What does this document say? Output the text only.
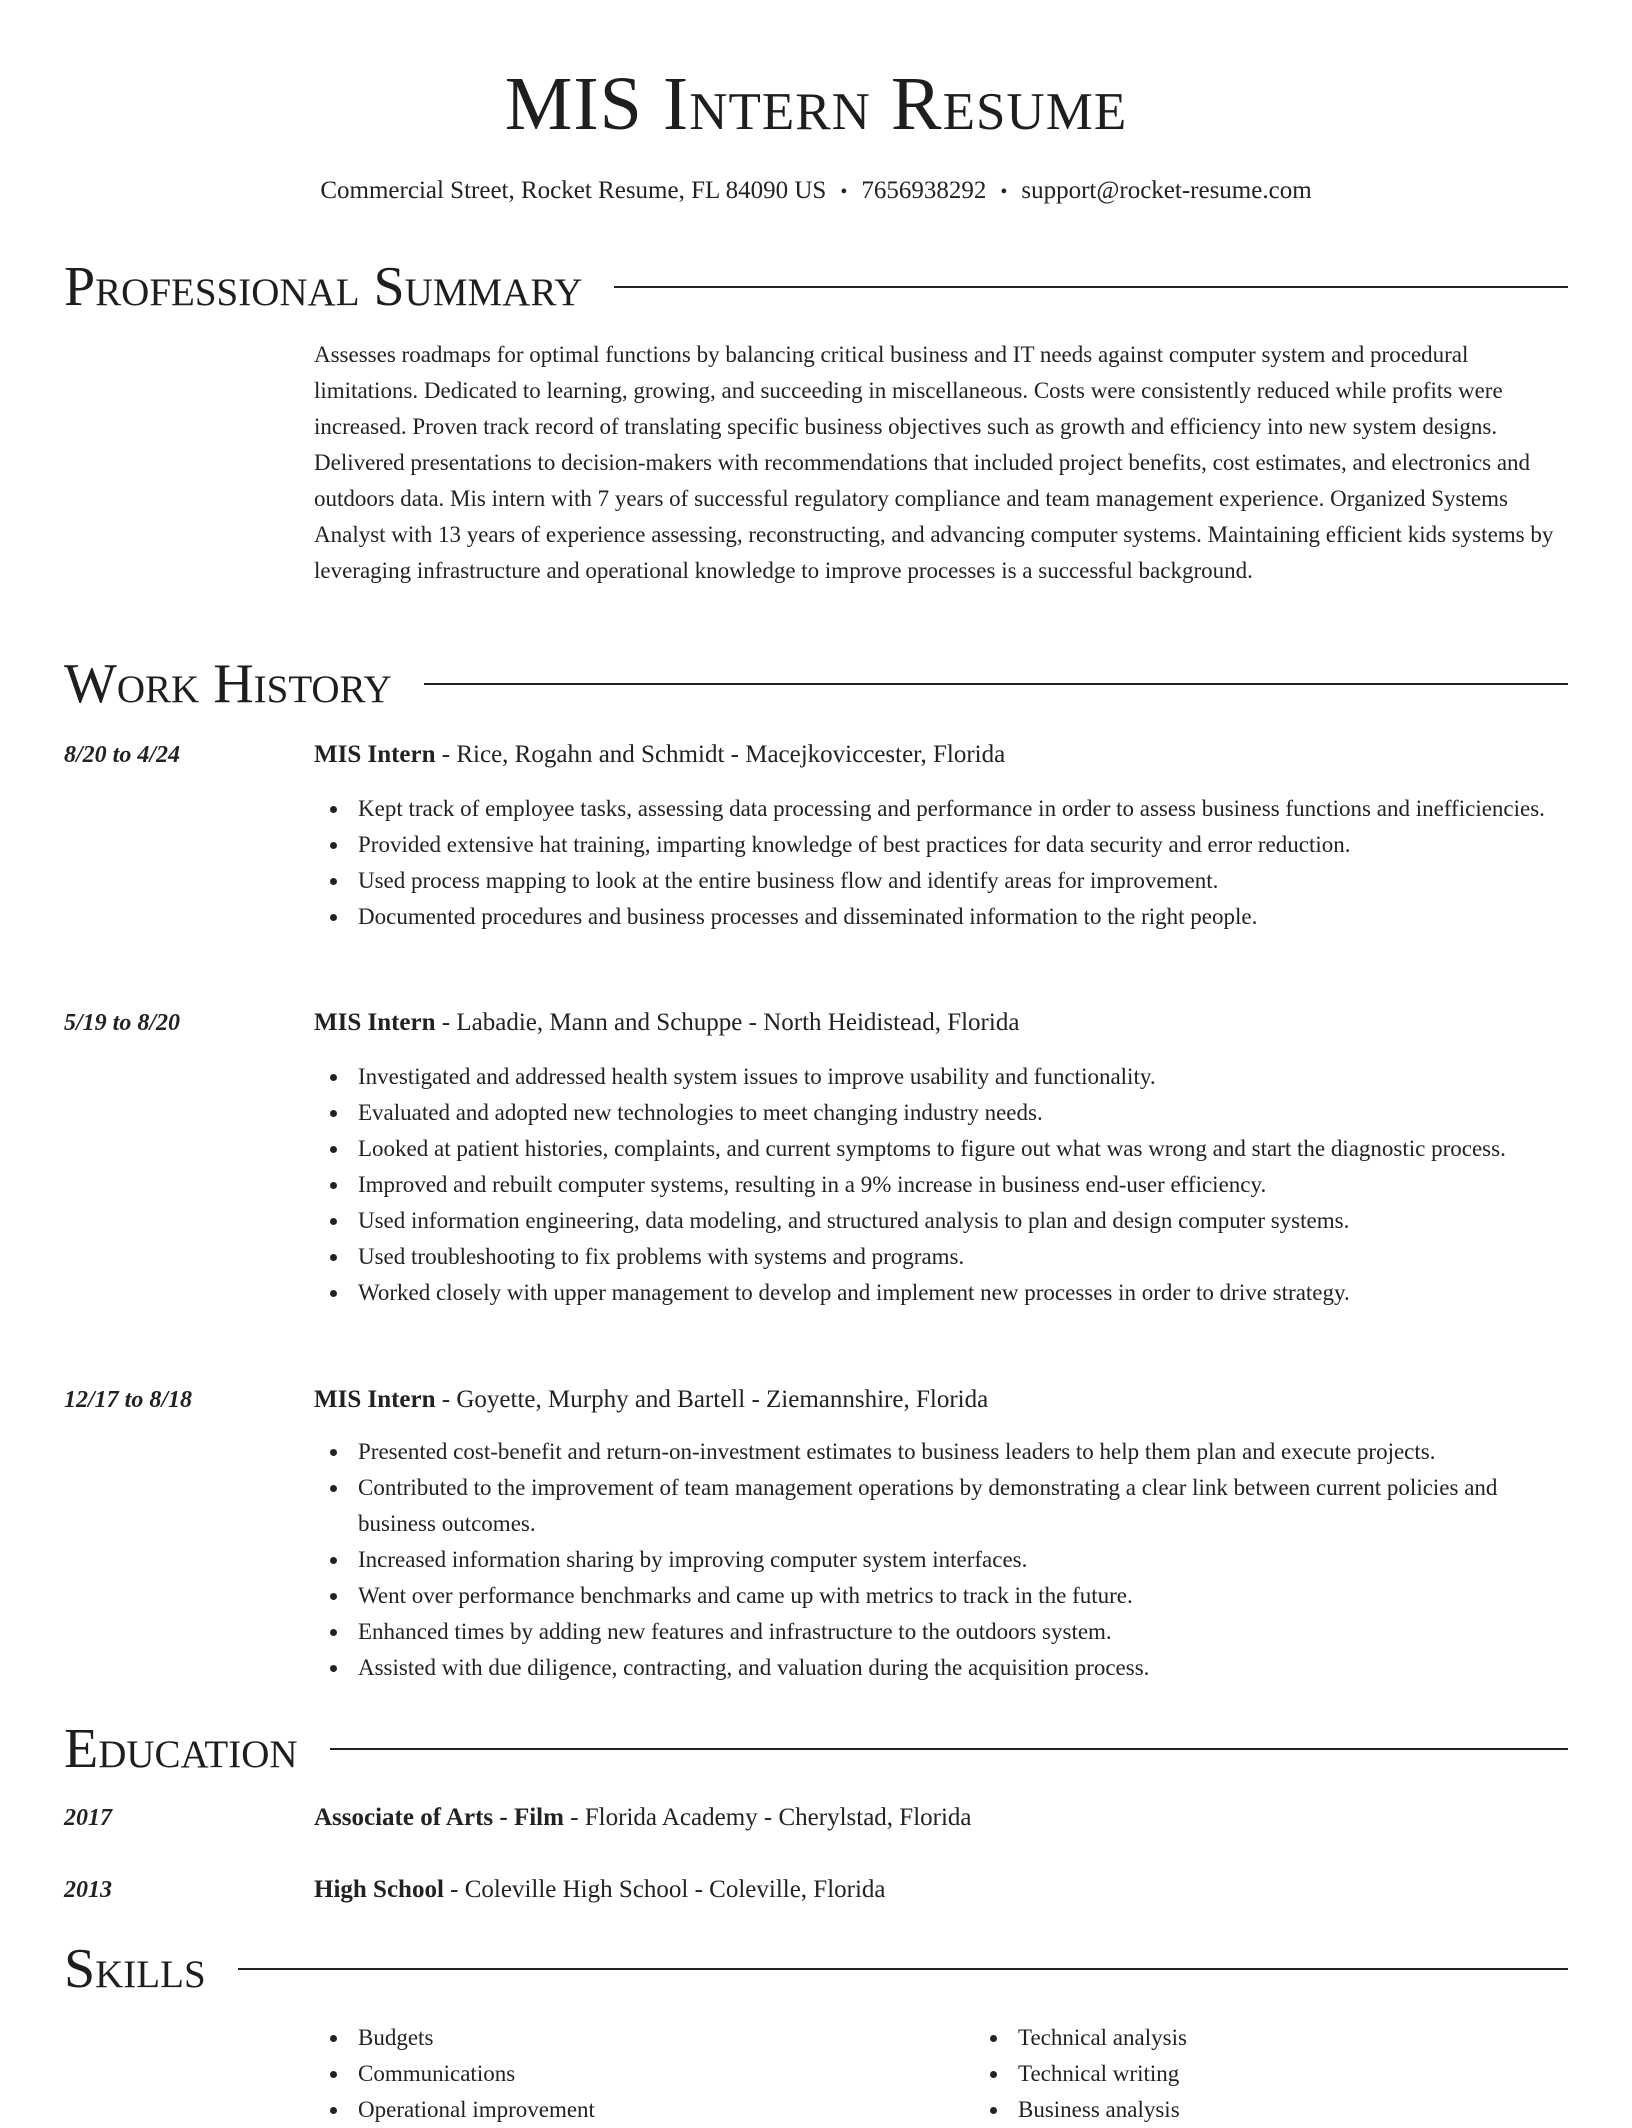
MIS Intern Resume
Commercial Street, Rocket Resume, FL 84090 US • 7656938292 • support@rocket-resume.com
Professional Summary

Assesses roadmaps for optimal functions by balancing critical business and IT needs against computer system and procedural limitations. Dedicated to learning, growing, and succeeding in miscellaneous. Costs were consistently reduced while profits were increased. Proven track record of translating specific business objectives such as growth and efficiency into new system designs. Delivered presentations to decision-makers with recommendations that included project benefits, cost estimates, and electronics and outdoors data. Mis intern with 7 years of successful regulatory compliance and team management experience. Organized Systems Analyst with 13 years of experience assessing, reconstructing, and advancing computer systems. Maintaining efficient kids systems by leveraging infrastructure and operational knowledge to improve processes is a successful background.

Work History
8/20 to 4/24	MIS Intern - Rice, Rogahn and Schmidt - Macejkoviccester, Florida
Kept track of employee tasks, assessing data processing and performance in order to assess business functions and inefficiencies.
Provided extensive hat training, imparting knowledge of best practices for data security and error reduction.
Used process mapping to look at the entire business flow and identify areas for improvement.
Documented procedures and business processes and disseminated information to the right people.
5/19 to 8/20	MIS Intern - Labadie, Mann and Schuppe - North Heidistead, Florida
Investigated and addressed health system issues to improve usability and functionality.
Evaluated and adopted new technologies to meet changing industry needs.
Looked at patient histories, complaints, and current symptoms to figure out what was wrong and start the diagnostic process.
Improved and rebuilt computer systems, resulting in a 9% increase in business end-user efficiency.
Used information engineering, data modeling, and structured analysis to plan and design computer systems.
Used troubleshooting to fix problems with systems and programs.
Worked closely with upper management to develop and implement new processes in order to drive strategy.
12/17 to 8/18	MIS Intern - Goyette, Murphy and Bartell - Ziemannshire, Florida
Presented cost-benefit and return-on-investment estimates to business leaders to help them plan and execute projects.
Contributed to the improvement of team management operations by demonstrating a clear link between current policies and business outcomes.
Increased information sharing by improving computer system interfaces.
Went over performance benchmarks and came up with metrics to track in the future.
Enhanced times by adding new features and infrastructure to the outdoors system.
Assisted with due diligence, contracting, and valuation during the acquisition process.
Education
2017	Associate of Arts - Film - Florida Academy - Cherylstad, Florida
2013	High School - Coleville High School - Coleville, Florida
Skills
Budgets
Communications
Operational improvement
Technical analysis
Technical writing
Business analysis
